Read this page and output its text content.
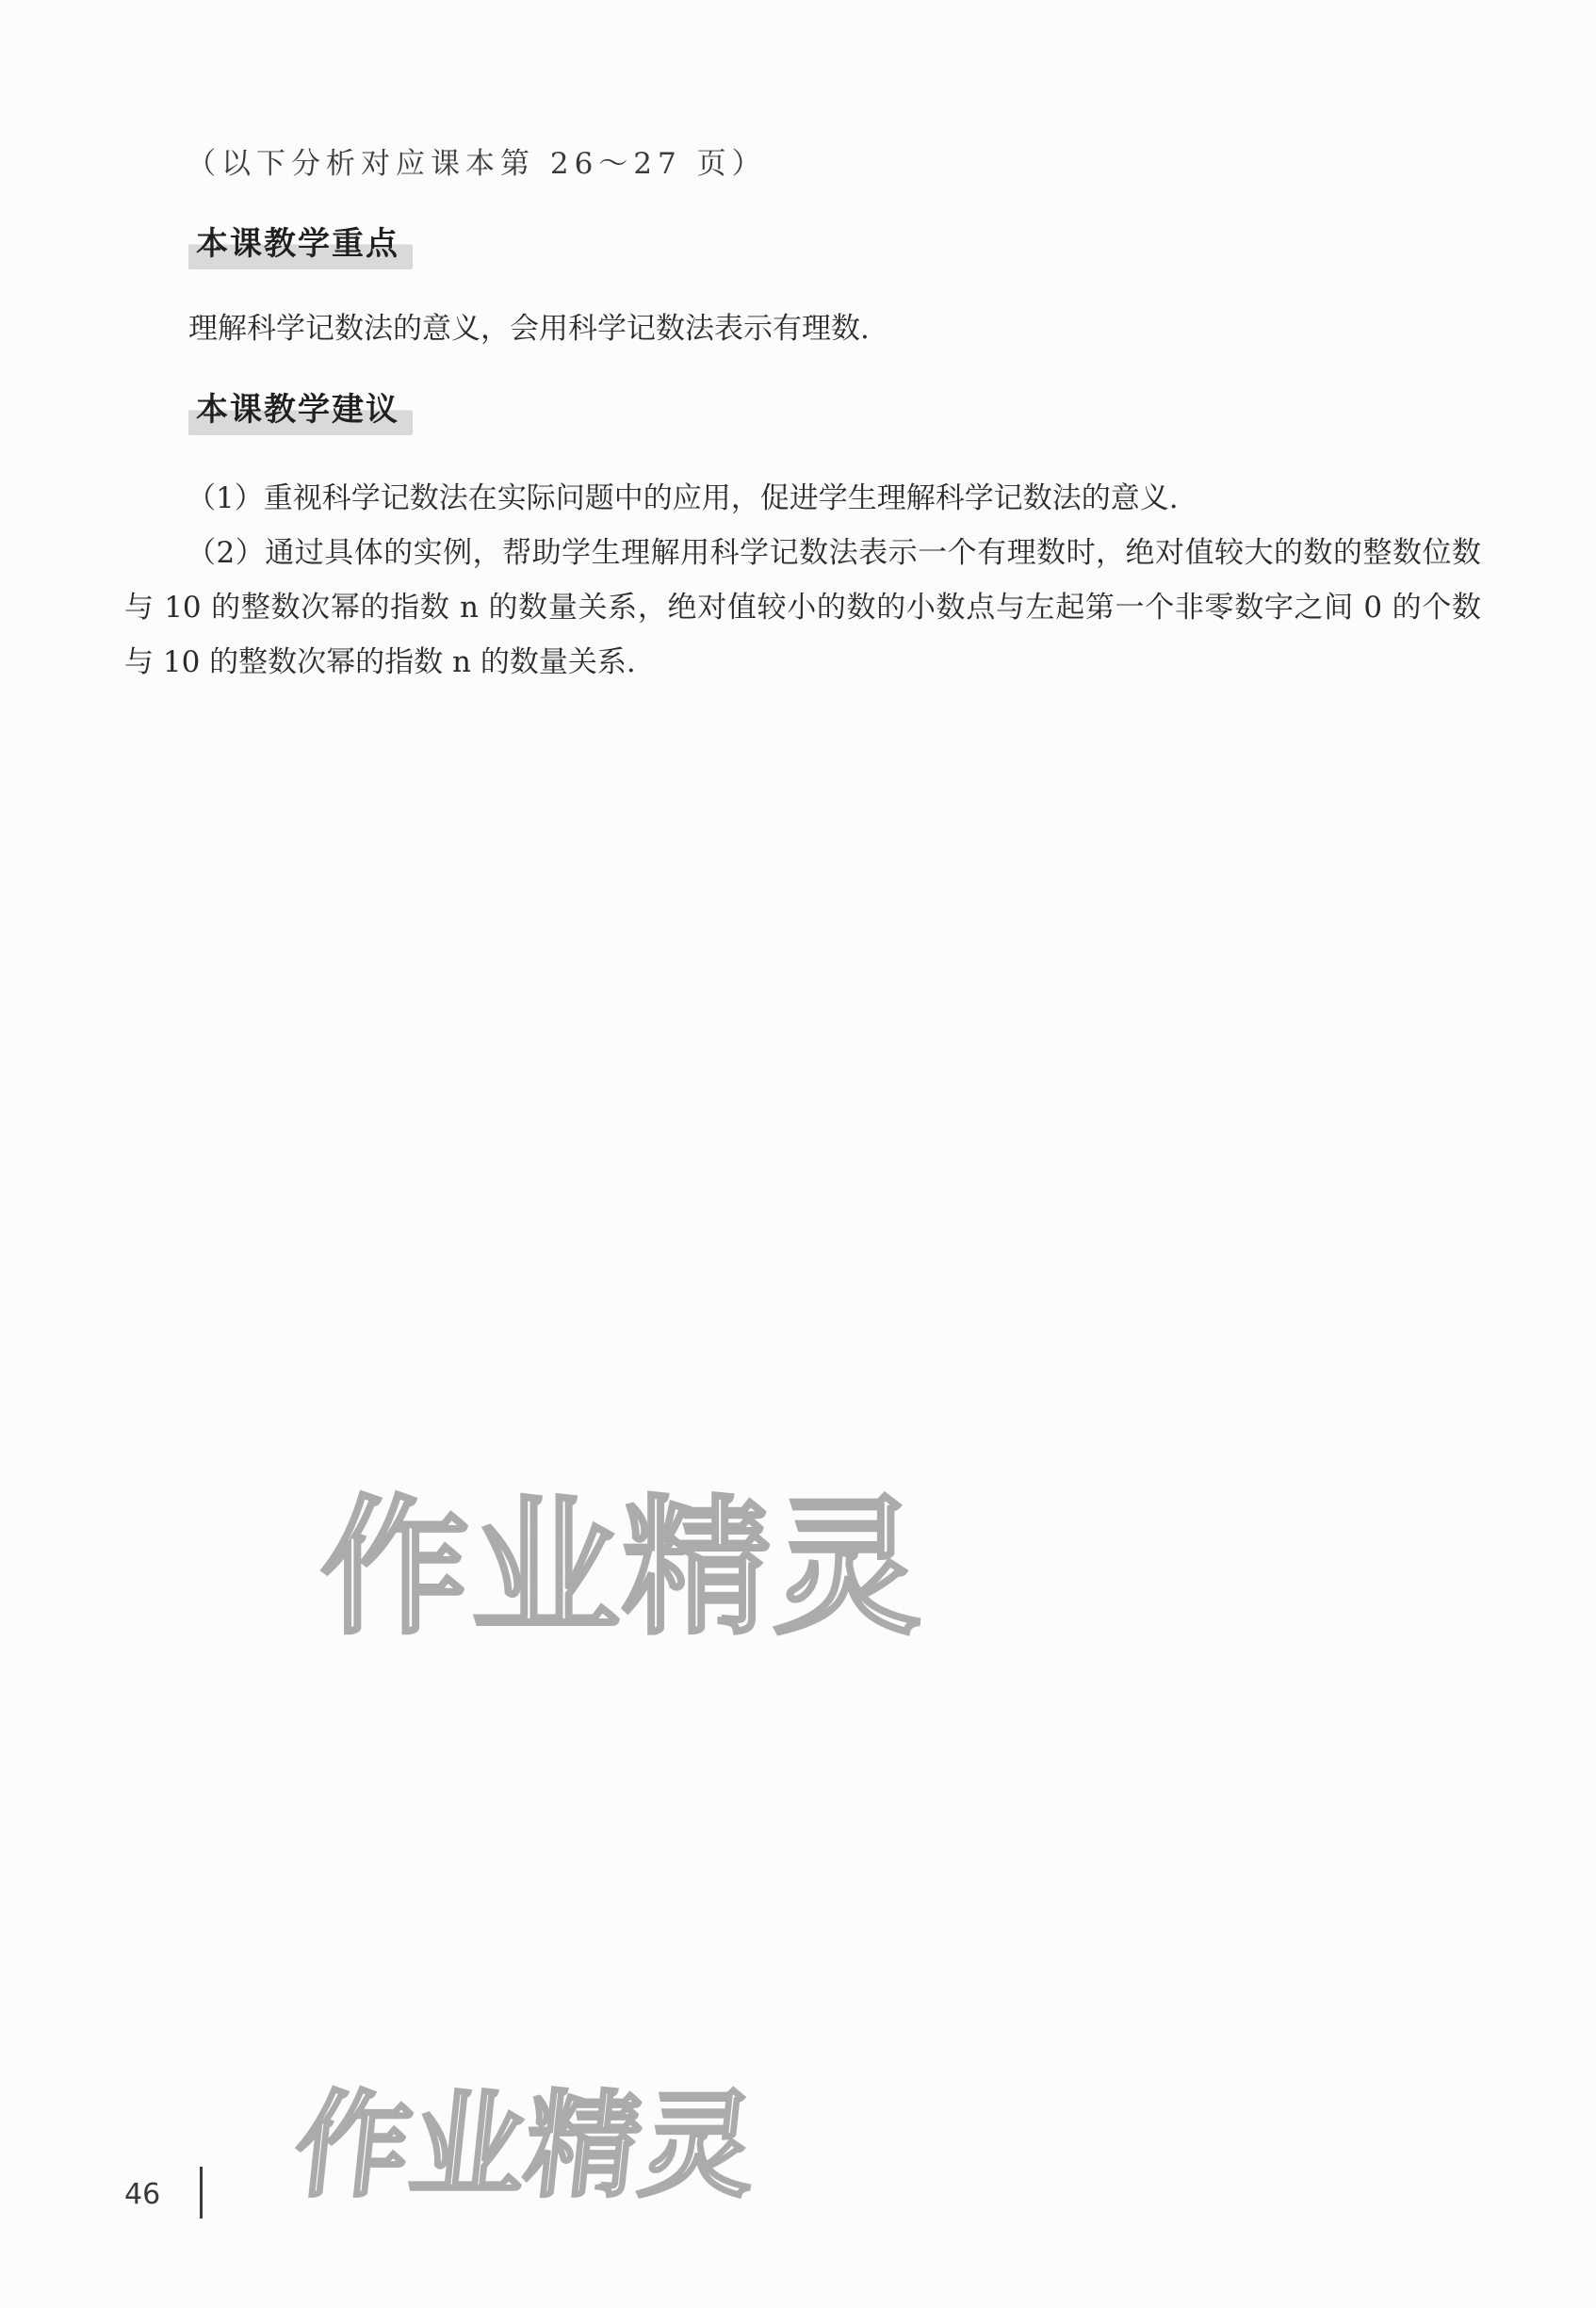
（以下分析对应课本第 26～27 页）
本课教学重点
理解科学记数法的意义，会用科学记数法表示有理数.
本课教学建议

（1）重视科学记数法在实际问题中的应用，促进学生理解科学记数法的意义.

（2）通过具体的实例，帮助学生理解用科学记数法表示一个有理数时，绝对值较大的数的整数位数与 10 的整数次幂的指数 n 的数量关系，绝对值较小的数的小数点与左起第一个非零数字之间 0 的个数与 10 的整数次幂的指数 n 的数量关系.

作业精灵
作业精灵
46
